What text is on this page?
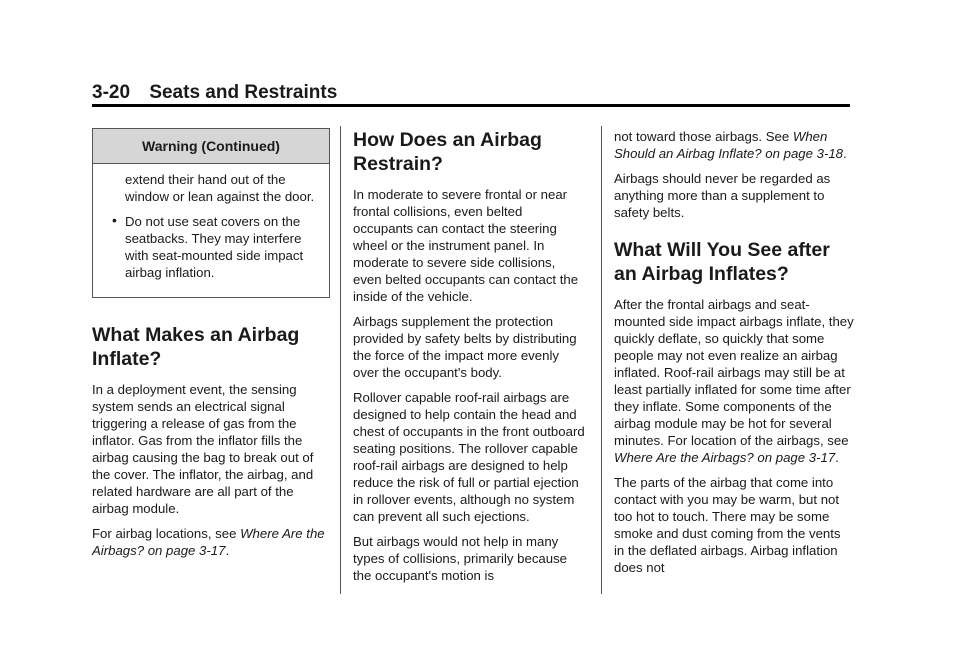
3-20 Seats and Restraints
Warning (Continued)

extend their hand out of the window or lean against the door.

• Do not use seat covers on the seatbacks. They may interfere with seat-mounted side impact airbag inflation.

What Makes an Airbag Inflate?

In a deployment event, the sensing system sends an electrical signal triggering a release of gas from the inflator. Gas from the inflator fills the airbag causing the bag to break out of the cover. The inflator, the airbag, and related hardware are all part of the airbag module.

For airbag locations, see Where Are the Airbags? on page 3-17.

How Does an Airbag Restrain?

In moderate to severe frontal or near frontal collisions, even belted occupants can contact the steering wheel or the instrument panel. In moderate to severe side collisions, even belted occupants can contact the inside of the vehicle.

Airbags supplement the protection provided by safety belts by distributing the force of the impact more evenly over the occupant's body.

Rollover capable roof-rail airbags are designed to help contain the head and chest of occupants in the front outboard seating positions. The rollover capable roof-rail airbags are designed to help reduce the risk of full or partial ejection in rollover events, although no system can prevent all such ejections.

But airbags would not help in many types of collisions, primarily because the occupant's motion is

not toward those airbags. See When Should an Airbag Inflate? on page 3-18.

Airbags should never be regarded as anything more than a supplement to safety belts.

What Will You See after an Airbag Inflates?

After the frontal airbags and seat-mounted side impact airbags inflate, they quickly deflate, so quickly that some people may not even realize an airbag inflated. Roof-rail airbags may still be at least partially inflated for some time after they inflate. Some components of the airbag module may be hot for several minutes. For location of the airbags, see Where Are the Airbags? on page 3-17.

The parts of the airbag that come into contact with you may be warm, but not too hot to touch. There may be some smoke and dust coming from the vents in the deflated airbags. Airbag inflation does not
